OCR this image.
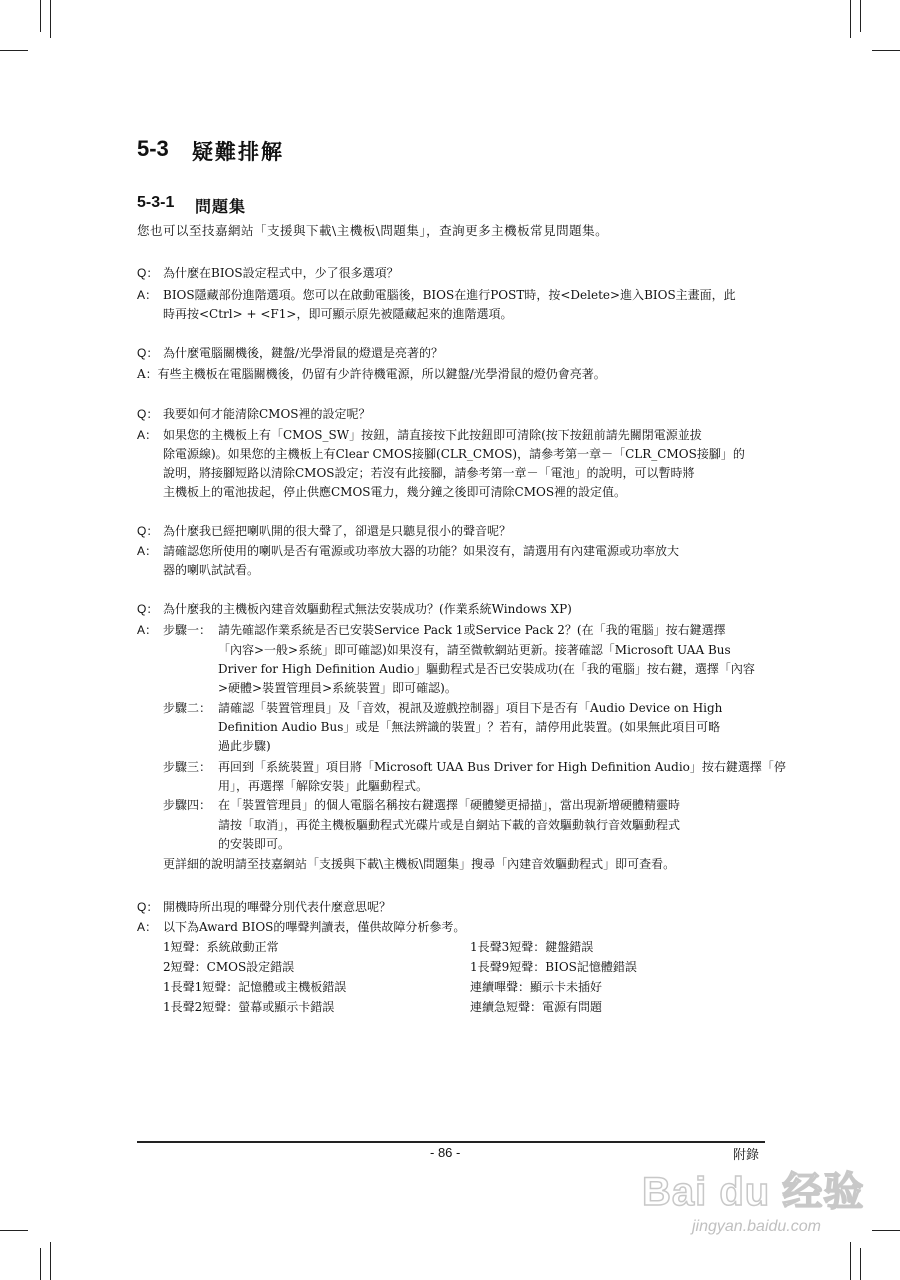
5-3 疑難排解
5-3-1 問題集
您也可以至技嘉網站「支援與下載\主機板\問題集」，查詢更多主機板常見問題集。
Q： 為什麼在BIOS設定程式中，少了很多選項？
A： BIOS隱藏部份進階選項。您可以在啟動電腦後，BIOS在進行POST時，按<Delete>進入BIOS主畫面，此
時再按<Ctrl> + <F1>，即可顯示原先被隱藏起來的進階選項。
Q： 為什麼電腦關機後，鍵盤/光學滑鼠的燈還是亮著的？
A：有些主機板在電腦關機後，仍留有少許待機電源，所以鍵盤/光學滑鼠的燈仍會亮著。
Q： 我要如何才能清除CMOS裡的設定呢？
A： 如果您的主機板上有「CMOS_SW」按鈕，請直接按下此按鈕即可清除(按下按鈕前請先關閉電源並拔
除電源線)。如果您的主機板上有Clear CMOS接腳(CLR_CMOS)，請參考第一章－「CLR_CMOS接腳」的
說明，將接腳短路以清除CMOS設定；若沒有此接腳，請參考第一章－「電池」的說明，可以暫時將
主機板上的電池拔起，停止供應CMOS電力，幾分鐘之後即可清除CMOS裡的設定值。
Q： 為什麼我已經把喇叭開的很大聲了，卻還是只聽見很小的聲音呢？
A： 請確認您所使用的喇叭是否有電源或功率放大器的功能？如果沒有，請選用有內建電源或功率放大
器的喇叭試試看。
Q： 為什麼我的主機板內建音效驅動程式無法安裝成功？(作業系統Windows XP)
A： 步驟一： 請先確認作業系統是否已安裝Service Pack 1或Service Pack 2？(在「我的電腦」按右鍵選擇
「內容>一般>系統」即可確認)如果沒有，請至微軟網站更新。接著確認「Microsoft UAA Bus
Driver for High Definition Audio」驅動程式是否已安裝成功(在「我的電腦」按右鍵，選擇「內容
>硬體>裝置管理員>系統裝置」即可確認)。
步驟二： 請確認「裝置管理員」及「音效，視訊及遊戲控制器」項目下是否有「Audio Device on High
Definition Audio Bus」或是「無法辨識的裝置」？若有，請停用此裝置。(如果無此項目可略
過此步驟)
步驟三： 再回到「系統裝置」項目將「Microsoft UAA Bus Driver for High Definition Audio」按右鍵選擇「停
用」，再選擇「解除安裝」此驅動程式。
步驟四： 在「裝置管理員」的個人電腦名稱按右鍵選擇「硬體變更掃描」，當出現新增硬體精靈時
請按「取消」，再從主機板驅動程式光碟片或是自網站下載的音效驅動執行音效驅動程式
的安裝即可。
更詳細的說明請至技嘉網站「支援與下載\主機板\問題集」搜尋「內建音效驅動程式」即可查看。
Q： 開機時所出現的嗶聲分別代表什麼意思呢？
A： 以下為Award BIOS的嗶聲判讀表，僅供故障分析參考。
1短聲：系統啟動正常
2短聲：CMOS設定錯誤
1長聲1短聲：記憶體或主機板錯誤
1長聲2短聲：螢幕或顯示卡錯誤
1長聲3短聲：鍵盤錯誤
1長聲9短聲：BIOS記憶體錯誤
連續嗶聲：顯示卡未插好
連續急短聲：電源有問題
- 86 -	附錄
Bai du 经验
jingyan.baidu.com
